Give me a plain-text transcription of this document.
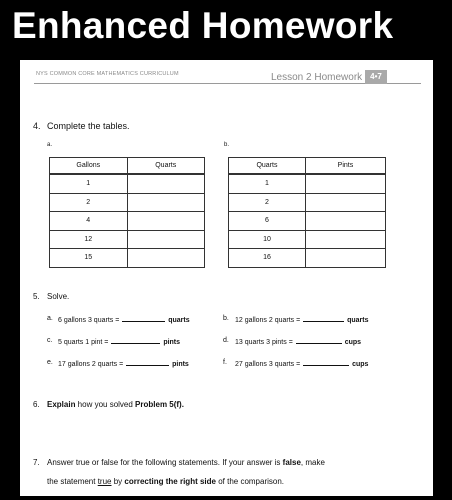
Enhanced Homework
NYS COMMON CORE MATHEMATICS CURRICULUM	Lesson 2 Homework 4•7
4. Complete the tables.
a.	b.
Gallons	Quarts
1	
2	
4	
12	
15	
Quarts	Pints
1	
2	
6	
10	
16	
5. Solve.
a. 6 gallons 3 quarts =	quarts	b. 12 gallons 2 quarts =	quarts
c. 5 quarts 1 pint =	pints	d. 13 quarts 3 pints =	cups
e. 17 gallons 2 quarts =	pints	f. 27 gallons 3 quarts =	cups
6. Explain how you solved Problem 5(f).
7. Answer true or false for the following statements. If your answer is false, make
the statement true by correcting the right side of the comparison.
